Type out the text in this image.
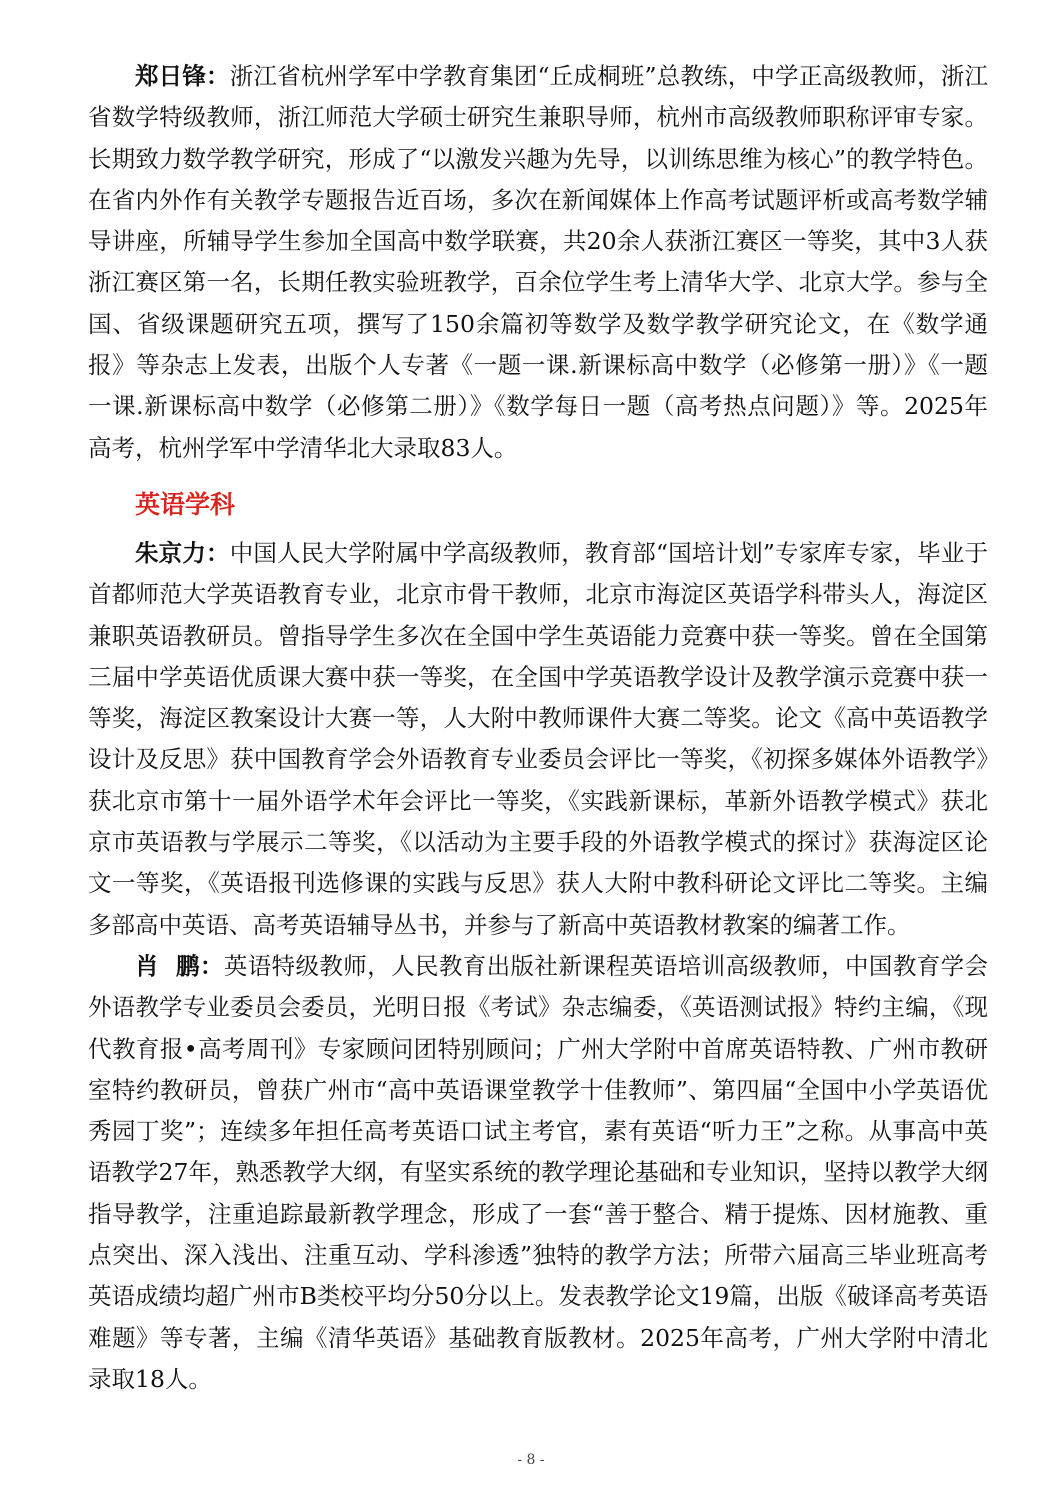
郑日锋：浙江省杭州学军中学教育集团“丘成桐班”总教练，中学正高级教师，浙江省数学特级教师，浙江师范大学硕士研究生兼职导师，杭州市高级教师职称评审专家。长期致力数学教学研究，形成了“以激发兴趣为先导，以训练思维为核心”的教学特色。在省内外作有关教学专题报告近百场，多次在新闻媒体上作高考试题评析或高考数学辅导讲座，所辅导学生参加全国高中数学联赛，共20余人获浙江赛区一等奖，其中3人获浙江赛区第一名，长期任教实验班教学，百余位学生考上清华大学、北京大学。参与全国、省级课题研究五项，撰写了150余篇初等数学及数学教学研究论文，在《数学通报》等杂志上发表，出版个人专著《一题一课.新课标高中数学（必修第一册）》《一题一课.新课标高中数学（必修第二册）》《数学每日一题（高考热点问题）》等。2025年高考，杭州学军中学清华北大录取83人。

英语学科

朱京力：中国人民大学附属中学高级教师，教育部“国培计划”专家库专家，毕业于首都师范大学英语教育专业，北京市骨干教师，北京市海淀区英语学科带头人，海淀区兼职英语教研员。曾指导学生多次在全国中学生英语能力竞赛中获一等奖。曾在全国第三届中学英语优质课大赛中获一等奖，在全国中学英语教学设计及教学演示竞赛中获一等奖，海淀区教案设计大赛一等，人大附中教师课件大赛二等奖。论文《高中英语教学设计及反思》获中国教育学会外语教育专业委员会评比一等奖，《初探多媒体外语教学》获北京市第十一届外语学术年会评比一等奖，《实践新课标，革新外语教学模式》获北京市英语教与学展示二等奖，《以活动为主要手段的外语教学模式的探讨》获海淀区论文一等奖，《英语报刊选修课的实践与反思》获人大附中教科研论文评比二等奖。主编多部高中英语、高考英语辅导丛书，并参与了新高中英语教材教案的编著工作。

肖  鹏：英语特级教师，人民教育出版社新课程英语培训高级教师，中国教育学会外语教学专业委员会委员，光明日报《考试》杂志编委，《英语测试报》特约主编，《现代教育报•高考周刊》专家顾问团特别顾问；广州大学附中首席英语特教、广州市教研室特约教研员，曾获广州市“高中英语课堂教学十佳教师”、第四届“全国中小学英语优秀园丁奖”；连续多年担任高考英语口试主考官，素有英语“听力王”之称。从事高中英语教学27年，熟悉教学大纲，有坚实系统的教学理论基础和专业知识，坚持以教学大纲指导教学，注重追踪最新教学理念，形成了一套“善于整合、精于提炼、因材施教、重点突出、深入浅出、注重互动、学科渗透”独特的教学方法；所带六届高三毕业班高考英语成绩均超广州市B类校平均分50分以上。发表教学论文19篇，出版《破译高考英语难题》等专著，主编《清华英语》基础教育版教材。2025年高考，广州大学附中清北录取18人。

- 8 -
